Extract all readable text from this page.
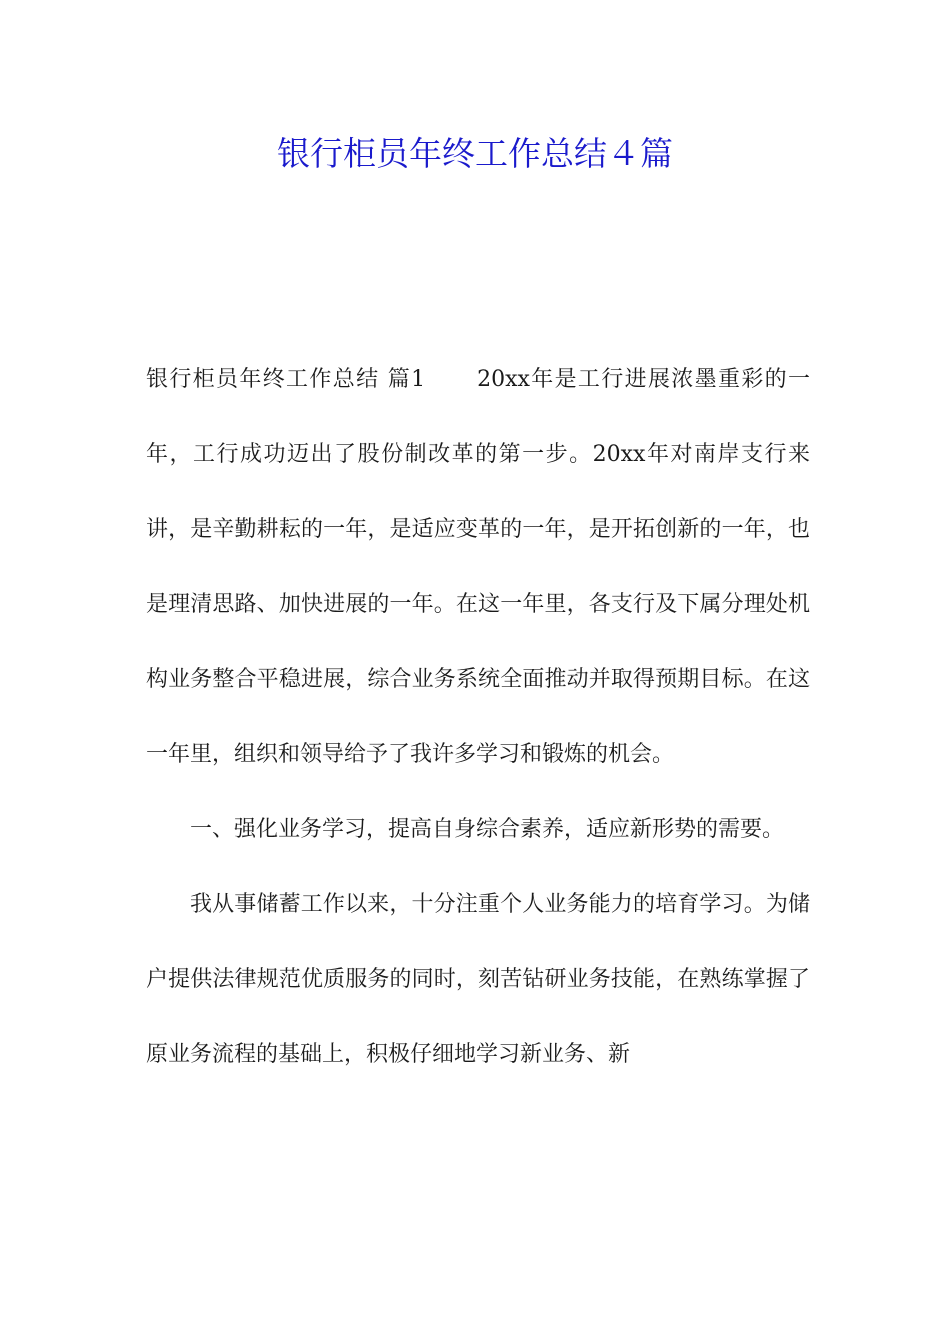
银行柜员年终工作总结４篇

银行柜员年终工作总结 篇1 20xx年是工行进展浓墨重彩的一年，工行成功迈出了股份制改革的第一步。20xx年对南岸支行来讲，是辛勤耕耘的一年，是适应变革的一年，是开拓创新的一年，也是理清思路、加快进展的一年。在这一年里，各支行及下属分理处机构业务整合平稳进展，综合业务系统全面推动并取得预期目标。在这一年里，组织和领导给予了我许多学习和锻炼的机会。

一、强化业务学习，提高自身综合素养，适应新形势的需要。

我从事储蓄工作以来，十分注重个人业务能力的培育学习。为储户提供法律规范优质服务的同时，刻苦钻研业务技能，在熟练掌握了原业务流程的基础上，积极仔细地学习新业务、新
